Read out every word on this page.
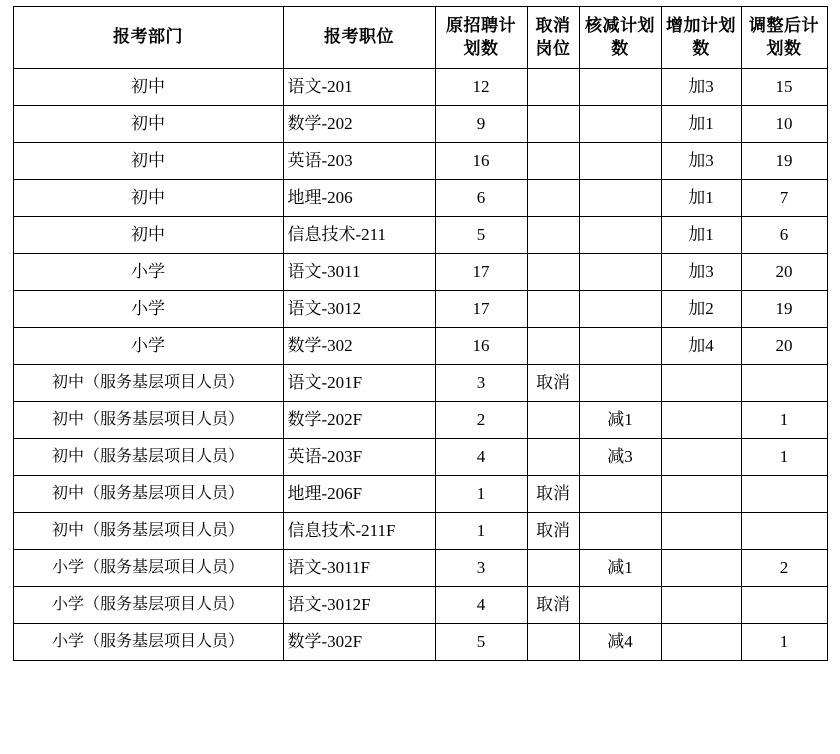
报考部门	报考职位	原招聘计划数	取消岗位	核减计划数	增加计划数	调整后计划数
初中	语文-201	12			加3	15
初中	数学-202	9			加1	10
初中	英语-203	16			加3	19
初中	地理-206	6			加1	7
初中	信息技术-211	5			加1	6
小学	语文-3011	17			加3	20
小学	语文-3012	17			加2	19
小学	数学-302	16			加4	20
初中（服务基层项目人员）	语文-201F	3	取消			
初中（服务基层项目人员）	数学-202F	2		减1		1
初中（服务基层项目人员）	英语-203F	4		减3		1
初中（服务基层项目人员）	地理-206F	1	取消			
初中（服务基层项目人员）	信息技术-211F	1	取消			
小学（服务基层项目人员）	语文-3011F	3		减1		2
小学（服务基层项目人员）	语文-3012F	4	取消			
小学（服务基层项目人员）	数学-302F	5		减4		1
